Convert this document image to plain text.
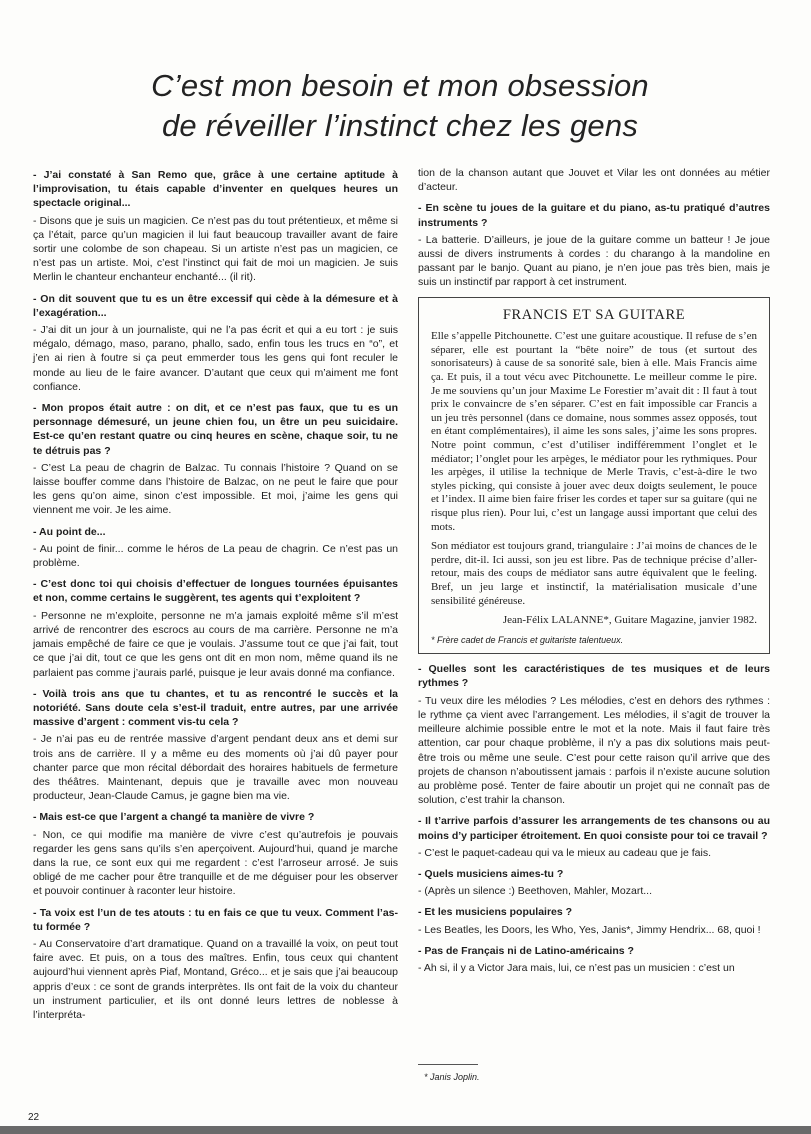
C’est mon besoin et mon obsession
de réveiller l’instinct chez les gens

- J’ai constaté à San Remo que, grâce à une certaine aptitude à l’improvisation, tu étais capable d’inventer en quelques heures un spectacle original...

- Disons que je suis un magicien. Ce n’est pas du tout prétentieux, et même si ça l’était, parce qu’un magicien il lui faut beaucoup travailler avant de faire sortir une colombe de son chapeau. Si un artiste n’est pas un magicien, ce n’est pas un artiste. Moi, c’est l’instinct qui fait de moi un magicien. Je suis Merlin le chanteur enchanteur enchanté... (il rit).

- On dit souvent que tu es un être excessif qui cède à la démesure et à l’exagération...

- J’ai dit un jour à un journaliste, qui ne l’a pas écrit et qui a eu tort : je suis mégalo, démago, maso, parano, phallo, sado, enfin tous les trucs en “o”, et j’en ai rien à foutre si ça peut emmerder tous les gens qui font reculer le monde au lieu de le faire avancer. D’autant que ceux qui m’aiment me font confiance.

- Mon propos était autre : on dit, et ce n’est pas faux, que tu es un personnage démesuré, un jeune chien fou, un être un peu suicidaire. Est-ce qu’en restant quatre ou cinq heures en scène, chaque soir, tu ne te détruis pas ?

- C’est La peau de chagrin de Balzac. Tu connais l’histoire ? Quand on se laisse bouffer comme dans l’histoire de Balzac, on ne peut le faire que pour les gens qu’on aime, sinon c’est impossible. Et moi, j’aime les gens qui viennent me voir. Je les aime.

- Au point de...

- Au point de finir... comme le héros de La peau de chagrin. Ce n’est pas un problème.

- C’est donc toi qui choisis d’effectuer de longues tournées épuisantes et non, comme certains le suggèrent, tes agents qui t’exploitent ?

- Personne ne m’exploite, personne ne m’a jamais exploité même s’il m’est arrivé de rencontrer des escrocs au cours de ma carrière. Personne ne m’a jamais empêché de faire ce que je voulais. J’assume tout ce que j’ai fait, tout ce que j’ai dit, tout ce que les gens ont dit en mon nom, même quand ils ne parlaient pas comme j’aurais parlé, puisque je leur avais donné ma confiance.

- Voilà trois ans que tu chantes, et tu as rencontré le succès et la notoriété. Sans doute cela s’est-il traduit, entre autres, par une arrivée massive d’argent : comment vis-tu cela ?

- Je n’ai pas eu de rentrée massive d’argent pendant deux ans et demi sur trois ans de carrière. Il y a même eu des moments où j’ai dû payer pour chanter parce que mon récital débordait des horaires habituels de fermeture des théâtres. Maintenant, depuis que je travaille avec mon nouveau producteur, Jean-Claude Camus, je gagne bien ma vie.

- Mais est-ce que l’argent a changé ta manière de vivre ?

- Non, ce qui modifie ma manière de vivre c’est qu’autrefois je pouvais regarder les gens sans qu’ils s’en aperçoivent. Aujourd’hui, quand je marche dans la rue, ce sont eux qui me regardent : c’est l’arroseur arrosé. Je suis obligé de me cacher pour être tranquille et de me déguiser pour les observer et pouvoir continuer à raconter leur histoire.

- Ta voix est l’un de tes atouts : tu en fais ce que tu veux. Comment l’as-tu formée ?

- Au Conservatoire d’art dramatique. Quand on a travaillé la voix, on peut tout faire avec. Et puis, on a tous des maîtres. Enfin, tous ceux qui chantent aujourd’hui viennent après Piaf, Montand, Gréco... et je sais que j’ai beaucoup appris d’eux : ce sont de grands interprètes. Ils ont fait de la voix du chanteur un instrument particulier, et ils ont donné leurs lettres de noblesse à l’interpréta-

tion de la chanson autant que Jouvet et Vilar les ont données au métier d’acteur.

- En scène tu joues de la guitare et du piano, as-tu pratiqué d’autres instruments ?

- La batterie. D’ailleurs, je joue de la guitare comme un batteur ! Je joue aussi de divers instruments à cordes : du charango à la mandoline en passant par le banjo. Quant au piano, je n’en joue pas très bien, mais je suis un instinctif par rapport à cet instrument.

FRANCIS ET SA GUITARE

Elle s’appelle Pitchounette. C’est une guitare acoustique. Il refuse de s’en séparer, elle est pourtant la “bête noire” de tous (et surtout des sonorisateurs) à cause de sa sonorité sale, bien à elle. Mais Francis aime ça. Et puis, il a tout vécu avec Pitchounette. Le meilleur comme le pire. Je me souviens qu’un jour Maxime Le Forestier m’avait dit : Il faut à tout prix le convaincre de s’en séparer. C’est en fait impossible car Francis a un jeu très personnel (dans ce domaine, nous sommes assez opposés, tout en étant complémentaires), il aime les sons sales, j’aime les sons propres. Notre point commun, c’est d’utiliser indifféremment l’onglet et le médiator; l’onglet pour les arpèges, le médiator pour les rythmiques. Pour les arpèges, il utilise la technique de Merle Travis, c’est-à-dire le two styles picking, qui consiste à jouer avec deux doigts seulement, le pouce et l’index. Il aime bien faire friser les cordes et taper sur sa guitare (qui ne risque plus rien). Pour lui, c’est un langage aussi important que celui des mots.

Son médiator est toujours grand, triangulaire : J’ai moins de chances de le perdre, dit-il. Ici aussi, son jeu est libre. Pas de technique précise d’aller-retour, mais des coups de médiator sans autre équivalent que le feeling. Bref, un jeu large et instinctif, la matérialisation musicale d’une sensibilité généreuse.

Jean-Félix LALANNE*, Guitare Magazine, janvier 1982.

* Frère cadet de Francis et guitariste talentueux.

- Quelles sont les caractéristiques de tes musiques et de leurs rythmes ?

- Tu veux dire les mélodies ? Les mélodies, c’est en dehors des rythmes : le rythme ça vient avec l’arrangement. Les mélodies, il s’agit de trouver la meilleure alchimie possible entre le mot et la note. Mais il faut faire très attention, car pour chaque problème, il n’y a pas dix solutions mais peut-être trois ou même une seule. C’est pour cette raison qu’il arrive que des projets de chanson n’aboutissent jamais : parfois il n’existe aucune solution au problème posé. Tenter de faire aboutir un projet qui ne connaît pas de solution, c’est trahir la chanson.

- Il t’arrive parfois d’assurer les arrangements de tes chansons ou au moins d’y participer étroitement. En quoi consiste pour toi ce travail ?

- C’est le paquet-cadeau qui va le mieux au cadeau que je fais.

- Quels musiciens aimes-tu ?

- (Après un silence :) Beethoven, Mahler, Mozart...

- Et les musiciens populaires ?

- Les Beatles, les Doors, les Who, Yes, Janis*, Jimmy Hendrix... 68, quoi !

- Pas de Français ni de Latino-américains ?

- Ah si, il y a Victor Jara mais, lui, ce n’est pas un musicien : c’est un

* Janis Joplin.
22
